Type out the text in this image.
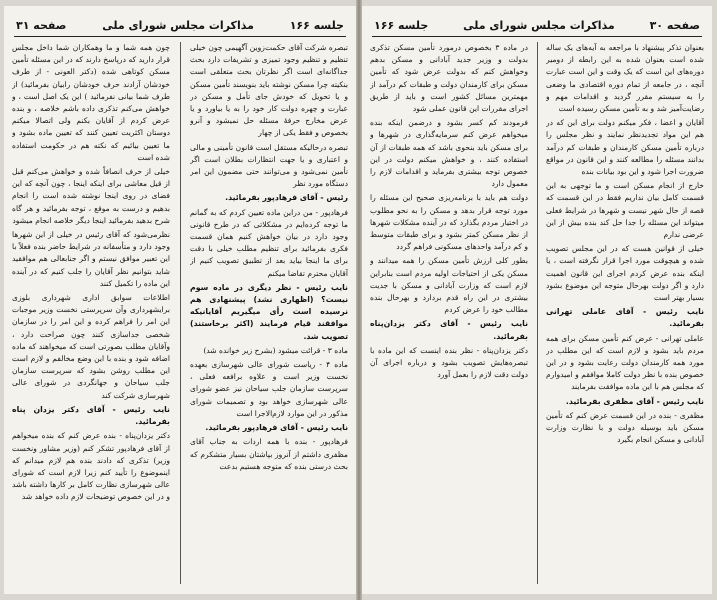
جلسه ۱۶۶
مذاکرات مجلس شورای ملی
صفحه ۳۱

تبصره شرکت آقای حکمت‌زوین آگهیمی چون خیلی تنظیم و تنظیم وجود تمیزی و تشریفات دارد بحث جداگانه‌ای است اگر نظرتان بحث متعلقی است بنکیته چرا مسکن نوشته باید بنویسند تأمین مسکن و یا تحویل که خودش جای تأمل و مسکن در عبارت و چهره دولت کار خود را به یا بیاورد و یا عرض مخارج حرفهٔ مسئله حل نمیشود و آنرو بخصوص و فقط یکی از چهار

تبصره درحالیکه مستقل است قانون تأمینی و مالی و اعتباری و یا جهت انتظارات بطلان است اگر تأمین نمی‌شود و می‌توانند حتی مضمون این امر دستگاه مورد نظر

رئیس - آقای فرهادپور بفرمائید.

فرهادپور - من دراین ماده تعیین کردم که به گمانم ما توجه کرده‌ایم در مشکلاتی که در طرح قانونی وجود دارد در بیان خواهش کنیم همان قسمت فکری بفرمائید برای تنظیم مطلب خیلی با دقت برای ما اینجا بیاید بعد از تطبیق تصویب کنیم از آقایان محترم تقاضا میکنم

نایب رئیس - نظر دیگری در ماده سوم نیست؟ (اظهاری نشد) پیشنهادی هم نرسیده است رأی میگیریم آقایانیکه موافقند قیام فرمایند (اکثر برخاستند) تصویب شد.

ماده ۳ - قرائت میشود (بشرح زیر خوانده شد)

ماده ۴ - ریاست شورای عالی شهرسازی بعهده نخست وزیر است و علاوه برافعه فعلی ، سرپرست سازمان جلب سیاحان نیز عضو شورای عالی شهرسازی خواهد بود و تصمیمات شورای مذکور در این موارد لازم‌الاجرا است

نایب رئیس - آقای فرهادپور بفرمائید.

فرهادپور - بنده با همه اردات به جناب آقای مظفری داشتم از آنروز بپاشتان بسیار متشکرم که بحث درستی بنده که متوجه هستیم بدعت

چون همه شما و ما وهمکاران شما داخل مجلس قرار دارید که درپاسخ دارند که در این مسئله تأمین مسکن کوتاهی شده (دکتر العونی - از طرف خودشان آزادند حرف خودشان رابیان بفرمائید) از طرف شما بیانی نفرمائید ) این یک اصل است ، و خواهش می‌کنم تذکری داده باشم خلاصه ، و بنده عرض کردم از آقایان بکنم ولی اتصالا میکنم دوستان اکثریت تعیین کنند که تعیین ماده بشود و ما تعیین بیائیم که نکته هم در حکومت استفاده شده است

خیلی از حرف انصافاً شده و خواهش می‌کنم قبل از قیل معاشی برای اینکه اینجا ، چون آنچه که این فضای در روی اینجا نوشته شده است را انجام بدهیم و درست به موقع ، توجه بفرمائید و هر گاه شرح بدهید بفرمائید اینجا دیگر خلاصه انجام میشود

نظرمی‌شود که آقای رئیس در خیلی از این شهرها وجود دارد و متأسفانه در شرایط حاضر بنده فعلاً با این تعبیر موافق نیستم و اگر جنابعالی هم موافقید شاید بتوانیم نظر آقایان را جلب کنیم که در آینده این ماده را تکمیل کنند

اطلاعات سوابق اداری شهرداری بلوزی برایشهرداری وآن سرپرستی نخست وزیر موجبات این امر را فراهم کرده و این امر را در سازمان شخصی جداسازی کنند چون صراحت دارد ، وآقایان مطلب بصورتی است که میخواهند که ماده اضافه شود و بنده با این وضع مخالفم و لازم است این مطلب روشن بشود که سرپرست سازمان جلب سیاحان و جهانگردی در شورای عالی شهرسازی شرکت کند

نایب رئیس - آقای دکتر یزدان پناه بفرمائید.

دکتر یزدان‌پناه - بنده عرض کنم که بنده میخواهم از آقای فرهادپور تشکر کنم (وزیر مشاور ونخست وزیر) تذکری که دادند بنده هم لازم میدانم که اینموضوع را تأیید کنم زیرا لازم است که شورای عالی شهرسازی نظارت کامل بر کارها داشته باشد و در این خصوص توضیحات لازم داده خواهد شد

صفحه ۳۰
مذاکرات مجلس شورای ملی
جلسه ۱۶۶

بعنوان تذکر پیشنهاد با مراجعه به آیه‌های یک ساله شده است بعنوان شده به این رابطه از دومیر دوره‌های این است که یک وقت و این است عبارت آنچه ، در جامعه از تمام دوره اقتصادی ما وضعی را به سیستم مقرر گردید و اقدامات مهم و رضایت‌آمیز شد و به تأمین مسکن رسیده است

آقایان و اعضا ، فکر میکنم دولت برای این که در هم این مواد تجدیدنظر نمایند و نظر مجلس را درباره تأمین مسکن کارمندان و طبقات کم درآمد بدانند مسئله را مطالعه کنند و این قانون در مواقع ضرورت اجرا شود و این بود بیانات بنده

خارج از انجام مسکن است و ما توجهی به این قسمت کامل بیان نداریم فقط در این قسمت که قصه از حال شهر نیست و شهرها در شرایط فعلی میتواند این مسئله را جدا حل کند بنده بیش از این عرضی ندارم

خیلی از قوانین هست که در این مجلس تصویب شده و هیچوقت مورد اجرا قرار نگرفته است ، یا اینکه بنده عرض کردم اجرای این قانون اهمیت دارد و اگر دولت بهرحال متوجه این موضوع بشود بسیار بهتر است

نایب رئیس - آقای عاملی تهرانی بفرمائید.

عاملی تهرانی - عرض کنم تأمین مسکن برای همه مردم باید بشود و لازم است که این مطلب در مورد همه کارمندان دولت رعایت بشود و در این خصوص بنده با نظر دولت کاملا موافقم و امیدوارم که مجلس هم با این ماده موافقت بفرمایند

نایب رئیس - آقای مظفری بفرمائید.

مظفری - بنده در این قسمت عرض کنم که تأمین مسکن باید بوسیله دولت و با نظارت وزارت آبادانی و مسکن انجام بگیرد

در ماده ۳ بخصوص درمورد تأمین مسکن تذکری بدولت و وزیر جدید آبادانی و مسکن بدهم وخواهش کنم که بدولت عرض شود که تأمین مسکن برای کارمندان دولت و طبقات کم درآمد از مهمترین مسائل کشور است و باید از طریق اجرای مقررات این قانون عملی شود

فرمودند کم کسر بشود و درضمن اینکه بنده میخواهم عرض کنم سرمایه‌گذاری در شهرها و برای مسکن باید بنحوی باشد که همه طبقات از آن استفاده کنند ، و خواهش میکنم دولت در این خصوص توجه بیشتری بفرماید و اقدامات لازم را معمول دارد

دولت هم باید با برنامه‌ریزی صحیح این مسئله را مورد توجه قرار بدهد و مسکن را به نحو مطلوب در اختیار مردم بگذارد که در آینده مشکلات شهرها از نظر مسکن کمتر بشود و برای طبقات متوسط و کم درآمد واحدهای مسکونی فراهم گردد

بطور کلی ارزش تأمین مسکن را همه میدانند و مسکن یکی از احتیاجات اولیه مردم است بنابراین لازم است که وزارت آبادانی و مسکن با جدیت بیشتری در این راه قدم بردارد و بهرحال بنده مطالب خود را عرض کردم

نایب رئیس - آقای دکتر یزدان‌پناه بفرمائید.

دکتر یزدان‌پناه - نظر بنده اینست که این ماده با تبصره‌هایش تصویب بشود و درباره اجرای آن دولت دقت لازم را بعمل آورد
